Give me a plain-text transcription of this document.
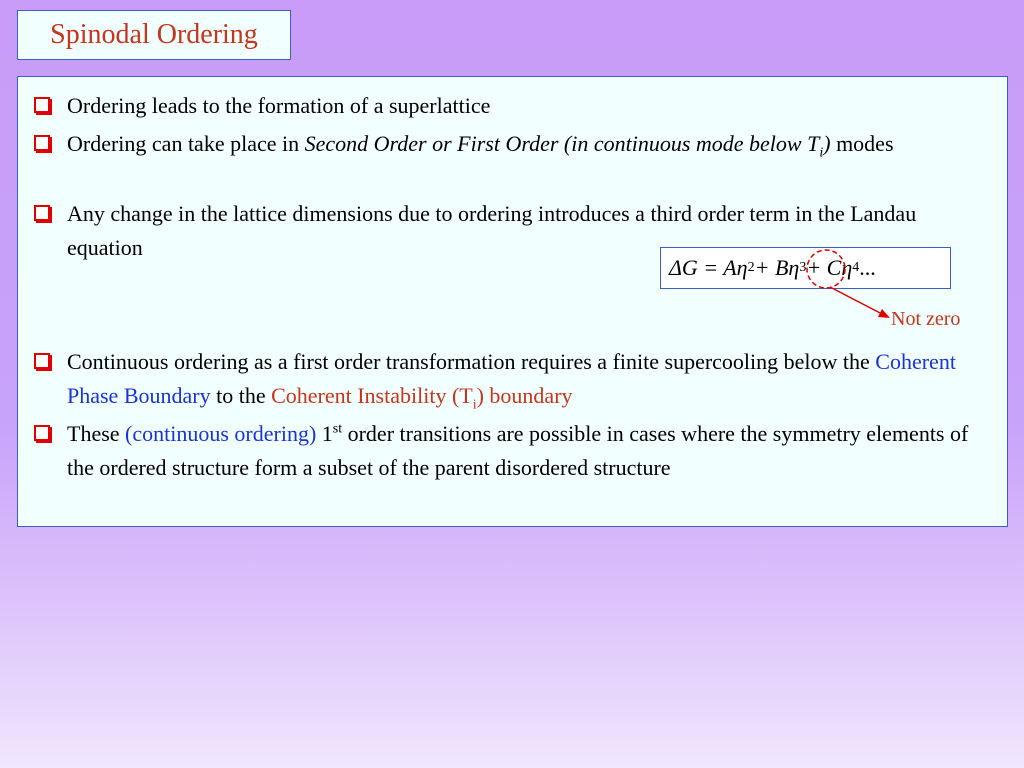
Spinodal Ordering
Ordering leads to the formation of a superlattice
Ordering can take place in Second Order or First Order (in continuous mode below $T_i$) modes
Any change in the lattice dimensions due to ordering introduces a third order term in the Landau equation
Continuous ordering as a first order transformation requires a finite supercooling below the Coherent Phase Boundary to the Coherent Instability $(T_i)$ boundary
These (continuous ordering) 1st order transitions are possible in cases where the symmetry elements of the ordered structure form a subset of the parent disordered structure
ΔG = Aη 2 + Bη 3 + Cη 4 ...
Not zero
